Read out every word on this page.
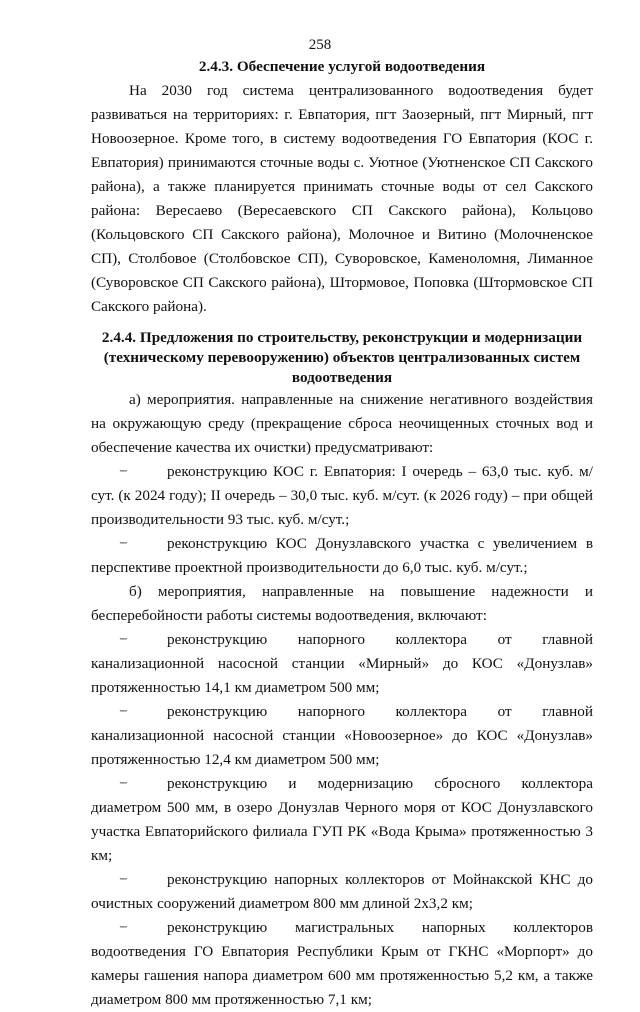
258
2.4.3. Обеспечение услугой водоотведения

На 2030 год система централизованного водоотведения будет развиваться на территориях: г. Евпатория, пгт Заозерный, пгт Мирный, пгт Новоозерное. Кроме того, в систему водоотведения ГО Евпатория (КОС г. Евпатория) принимаются сточные воды с. Уютное (Уютненское СП Сакского района), а также планируется принимать сточные воды от сел Сакского района: Вересаево (Вересаевского СП Сакского района), Кольцово (Кольцовского СП Сакского района), Молочное и Витино (Молочненское СП), Столбовое (Столбовское СП), Суворовское, Каменоломня, Лиманное (Суворовское СП Сакского района), Штормовое, Поповка (Штормовское СП Сакского района).

2.4.4. Предложения по строительству, реконструкции и модернизации (техническому перевооружению) объектов централизованных систем водоотведения

а) мероприятия. направленные на снижение негативного воздействия на окружающую среду (прекращение сброса неочищенных сточных вод и обеспечение качества их очистки) предусматривают:

−	реконструкцию КОС г. Евпатория: I очередь – 63,0 тыс. куб. м/сут. (к 2024 году); II очередь – 30,0 тыс. куб. м/сут. (к 2026 году) – при общей производительности 93 тыс. куб. м/сут.;

−	реконструкцию КОС Донузлавского участка с увеличением в перспективе проектной производительности до 6,0 тыс. куб. м/сут.;

б) мероприятия, направленные на повышение надежности и бесперебойности работы системы водоотведения, включают:

−	реконструкцию напорного коллектора от главной канализационной насосной станции «Мирный» до КОС «Донузлав» протяженностью 14,1 км диаметром 500 мм;

−	реконструкцию напорного коллектора от главной канализационной насосной станции «Новоозерное» до КОС «Донузлав» протяженностью 12,4 км диаметром 500 мм;

−	реконструкцию и модернизацию сбросного коллектора диаметром 500 мм, в озеро Донузлав Черного моря от КОС Донузлавского участка Евпаторийского филиала ГУП РК «Вода Крыма» протяженностью 3 км;

−	реконструкцию напорных коллекторов от Мойнакской КНС до очистных сооружений диаметром 800 мм длиной 2х3,2 км;

−	реконструкцию магистральных напорных коллекторов водоотведения ГО Евпатория Республики Крым от ГКНС «Морпорт» до камеры гашения напора диаметром 600 мм протяженностью 5,2 км, а также диаметром 800 мм протяженностью 7,1 км;
